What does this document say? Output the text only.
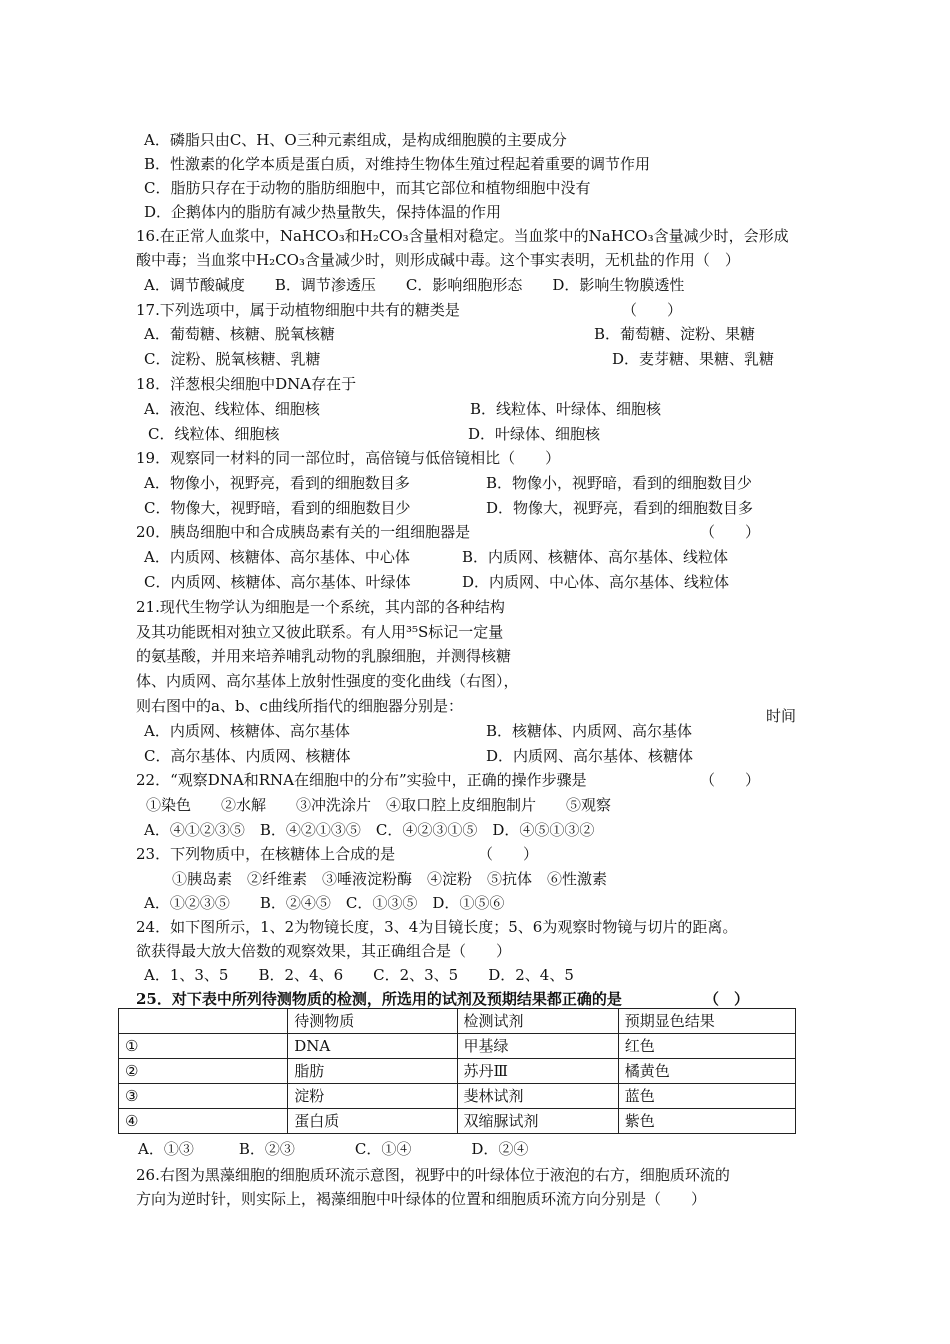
A．磷脂只由C、H、O三种元素组成，是构成细胞膜的主要成分
B．性激素的化学本质是蛋白质，对维持生物体生殖过程起着重要的调节作用
C．脂肪只存在于动物的脂肪细胞中，而其它部位和植物细胞中没有
D．企鹅体内的脂肪有减少热量散失，保持体温的作用
16.在正常人血浆中，NaHCO₃和H₂CO₃含量相对稳定。当血浆中的NaHCO₃含量减少时，会形成
酸中毒；当血浆中H₂CO₃含量减少时，则形成碱中毒。这个事实表明，无机盐的作用（　）
A．调节酸碱度　　B．调节渗透压　　C．影响细胞形态　　D．影响生物膜透性
17.下列选项中，属于动植物细胞中共有的糖类是	（　　）
A．葡萄糖、核糖、脱氧核糖	B．葡萄糖、淀粉、果糖
C．淀粉、脱氧核糖、乳糖	D．麦芽糖、果糖、乳糖
18．洋葱根尖细胞中DNA存在于
A．液泡、线粒体、细胞核	B．线粒体、叶绿体、细胞核
C．线粒体、细胞核	D．叶绿体、细胞核
19．观察同一材料的同一部位时，高倍镜与低倍镜相比（　　）
A．物像小，视野亮，看到的细胞数目多	B．物像小，视野暗，看到的细胞数目少
C．物像大，视野暗，看到的细胞数目少	D．物像大，视野亮，看到的细胞数目多
20．胰岛细胞中和合成胰岛素有关的一组细胞器是	（　　）
A．内质网、核糖体、高尔基体、中心体	B．内质网、核糖体、高尔基体、线粒体
C．内质网、核糖体、高尔基体、叶绿体	D．内质网、中心体、高尔基体、线粒体
21.现代生物学认为细胞是一个系统，其内部的各种结构
及其功能既相对独立又彼此联系。有人用³⁵S标记一定量
的氨基酸，并用来培养哺乳动物的乳腺细胞，并测得核糖
体、内质网、高尔基体上放射性强度的变化曲线（右图），
则右图中的a、b、c曲线所指代的细胞器分别是：
时间
A．内质网、核糖体、高尔基体	B．核糖体、内质网、高尔基体
C．高尔基体、内质网、核糖体	D．内质网、高尔基体、核糖体
22．“观察DNA和RNA在细胞中的分布”实验中，正确的操作步骤是	（　　）
①染色　　②水解　　③冲洗涂片　④取口腔上皮细胞制片　　⑤观察
A．④①②③⑤　B．④②①③⑤　C．④②③①⑤　D．④⑤①③②
23．下列物质中，在核糖体上合成的是	（　　）
①胰岛素　②纤维素　③唾液淀粉酶　④淀粉　⑤抗体　⑥性激素
A．①②③⑤　　B．②④⑤　C．①③⑤　D．①⑤⑥
24．如下图所示，1、2为物镜长度，3、4为目镜长度；5、6为观察时物镜与切片的距离。
欲获得最大放大倍数的观察效果，其正确组合是（　　）
A．1、3、5　　B．2、4、6　　C．2、3、5　　D．2、4、5
25．对下表中所列待测物质的检测，所选用的试剂及预期结果都正确的是	（　）
	待测物质	检测试剂	预期显色结果
①	DNA	甲基绿	红色
②	脂肪	苏丹Ⅲ	橘黄色
③	淀粉	斐林试剂	蓝色
④	蛋白质	双缩脲试剂	紫色
A．①③　　　B．②③　　　　C．①④　　　　D．②④
26.右图为黑藻细胞的细胞质环流示意图，视野中的叶绿体位于液泡的右方，细胞质环流的
方向为逆时针，则实际上，褐藻细胞中叶绿体的位置和细胞质环流方向分别是（　　）
